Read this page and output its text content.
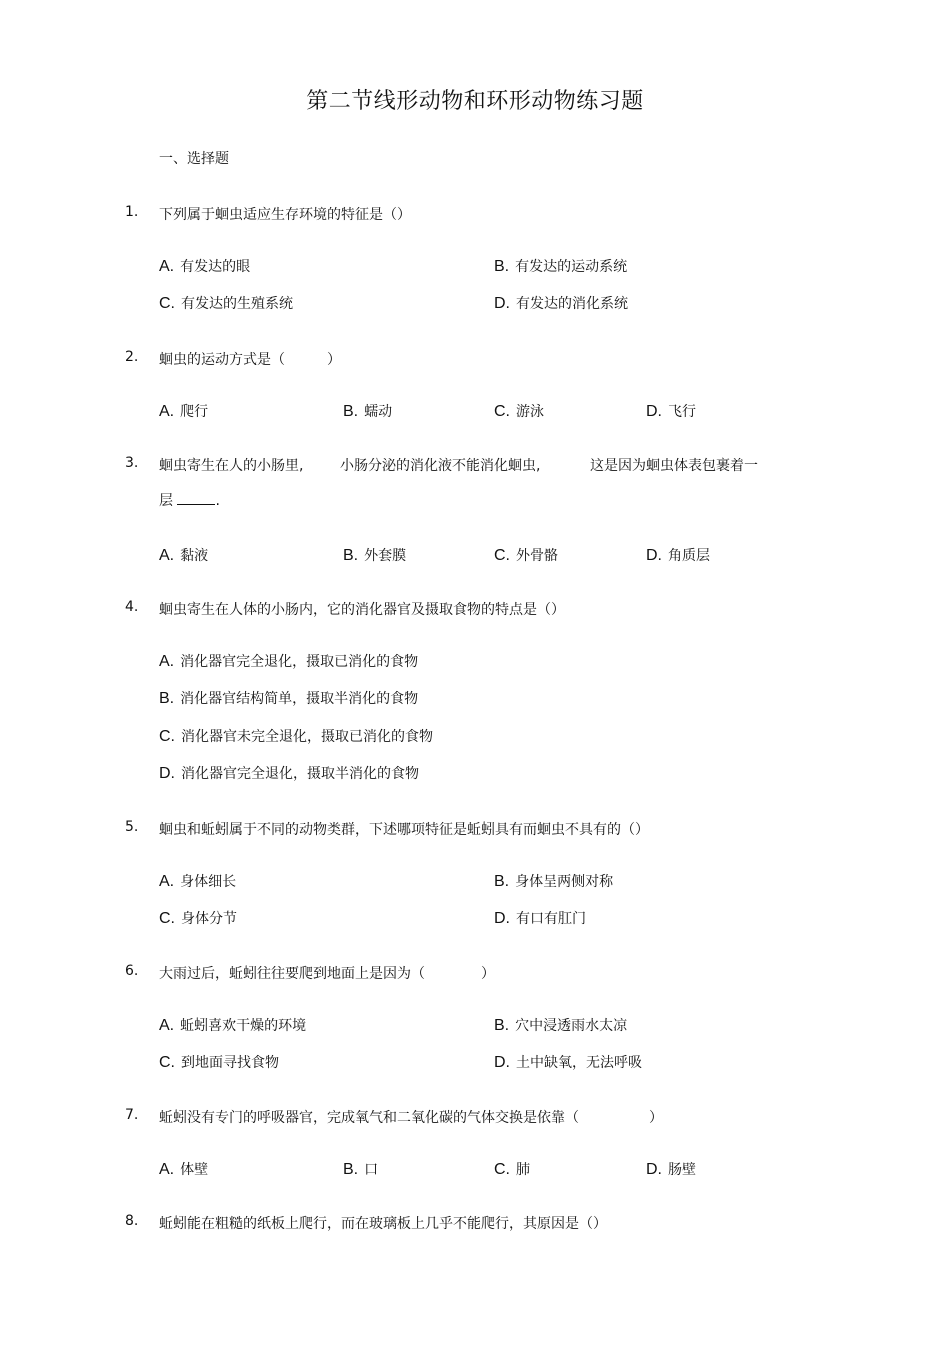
第二节线形动物和环形动物练习题
一、选择题
1.	下列属于蛔虫适应生存环境的特征是（）
A. 有发达的眼	B. 有发达的运动系统
C. 有发达的生殖系统	D. 有发达的消化系统
2.	蛔虫的运动方式是（　　　）
A. 爬行	B. 蠕动	C. 游泳	D. 飞行
3.	蛔虫寄生在人的小肠里,	小肠分泌的消化液不能消化蛔虫,	这是因为蛔虫体表包裹着一
层	.
A. 黏液	B. 外套膜	C. 外骨骼	D. 角质层
4.	蛔虫寄生在人体的小肠内，它的消化器官及摄取食物的特点是（）
A. 消化器官完全退化，摄取已消化的食物
B. 消化器官结构简单，摄取半消化的食物
C. 消化器官未完全退化，摄取已消化的食物
D. 消化器官完全退化，摄取半消化的食物
5.	蛔虫和蚯蚓属于不同的动物类群，下述哪项特征是蚯蚓具有而蛔虫不具有的（）
A. 身体细长	B. 身体呈两侧对称
C. 身体分节	D. 有口有肛门
6.	大雨过后，蚯蚓往往要爬到地面上是因为（　　　　）
A. 蚯蚓喜欢干燥的环境	B. 穴中浸透雨水太凉
C. 到地面寻找食物	D. 土中缺氧，无法呼吸
7.	蚯蚓没有专门的呼吸器官，完成氧气和二氧化碳的气体交换是依靠（　　　　　）
A. 体壁	B. 口	C. 肺	D. 肠壁
8.	蚯蚓能在粗糙的纸板上爬行，而在玻璃板上几乎不能爬行，其原因是（）
